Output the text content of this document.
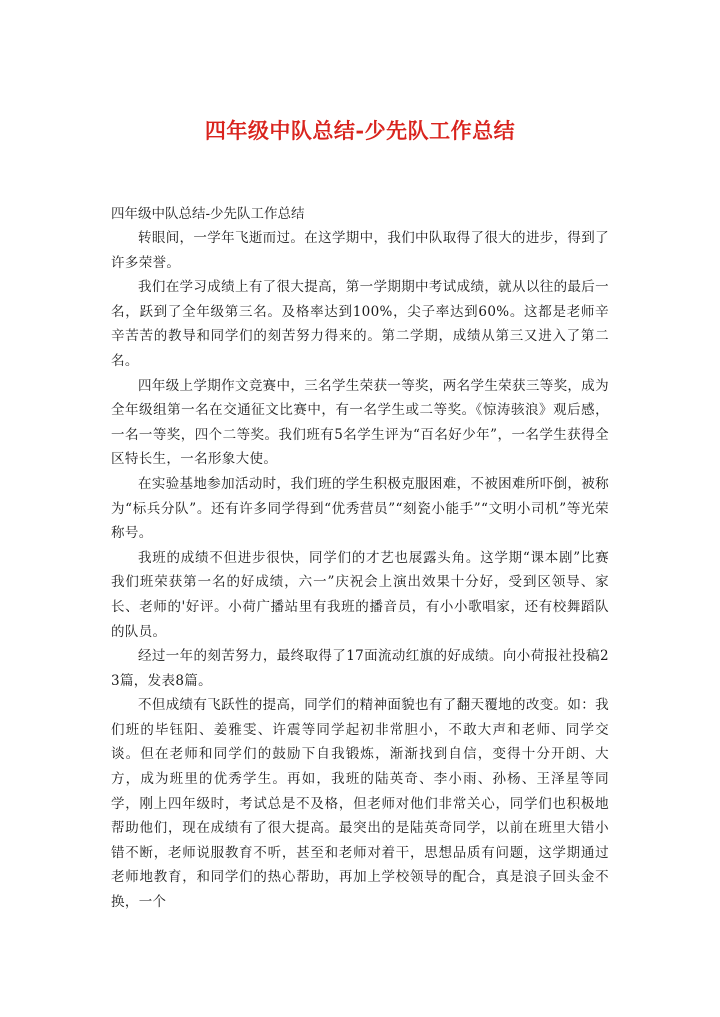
四年级中队总结-少先队工作总结

四年级中队总结-少先队工作总结

转眼间，一学年飞逝而过。在这学期中，我们中队取得了很大的进步，得到了许多荣誉。

我们在学习成绩上有了很大提高，第一学期期中考试成绩，就从以往的最后一名，跃到了全年级第三名。及格率达到100%，尖子率达到60%。这都是老师辛辛苦苦的教导和同学们的刻苦努力得来的。第二学期，成绩从第三又进入了第二名。

四年级上学期作文竞赛中，三名学生荣获一等奖，两名学生荣获三等奖，成为全年级组第一名在交通征文比赛中，有一名学生或二等奖。《惊涛骇浪》观后感，一名一等奖，四个二等奖。我们班有5名学生评为“百名好少年”，一名学生获得全区特长生，一名形象大使。

在实验基地参加活动时，我们班的学生积极克服困难，不被困难所吓倒，被称为“标兵分队”。还有许多同学得到“优秀营员”“刻瓷小能手”“文明小司机”等光荣称号。

我班的成绩不但进步很快，同学们的才艺也展露头角。这学期“课本剧”比赛我们班荣获第一名的好成绩，六一”庆祝会上演出效果十分好，受到区领导、家长、老师的'好评。小荷广播站里有我班的播音员，有小小歌唱家，还有校舞蹈队的队员。

经过一年的刻苦努力，最终取得了17面流动红旗的好成绩。向小荷报社投稿23篇，发表8篇。

不但成绩有飞跃性的提高，同学们的精神面貌也有了翻天覆地的改变。如：我们班的毕钰阳、姜雅雯、许震等同学起初非常胆小，不敢大声和老师、同学交谈。但在老师和同学们的鼓励下自我锻炼，渐渐找到自信，变得十分开朗、大方，成为班里的优秀学生。再如，我班的陆英奇、李小雨、孙杨、王泽星等同学，刚上四年级时，考试总是不及格，但老师对他们非常关心，同学们也积极地帮助他们，现在成绩有了很大提高。最突出的是陆英奇同学，以前在班里大错小错不断，老师说服教育不听，甚至和老师对着干，思想品质有问题，这学期通过老师地教育，和同学们的热心帮助，再加上学校领导的配合，真是浪子回头金不换，一个
